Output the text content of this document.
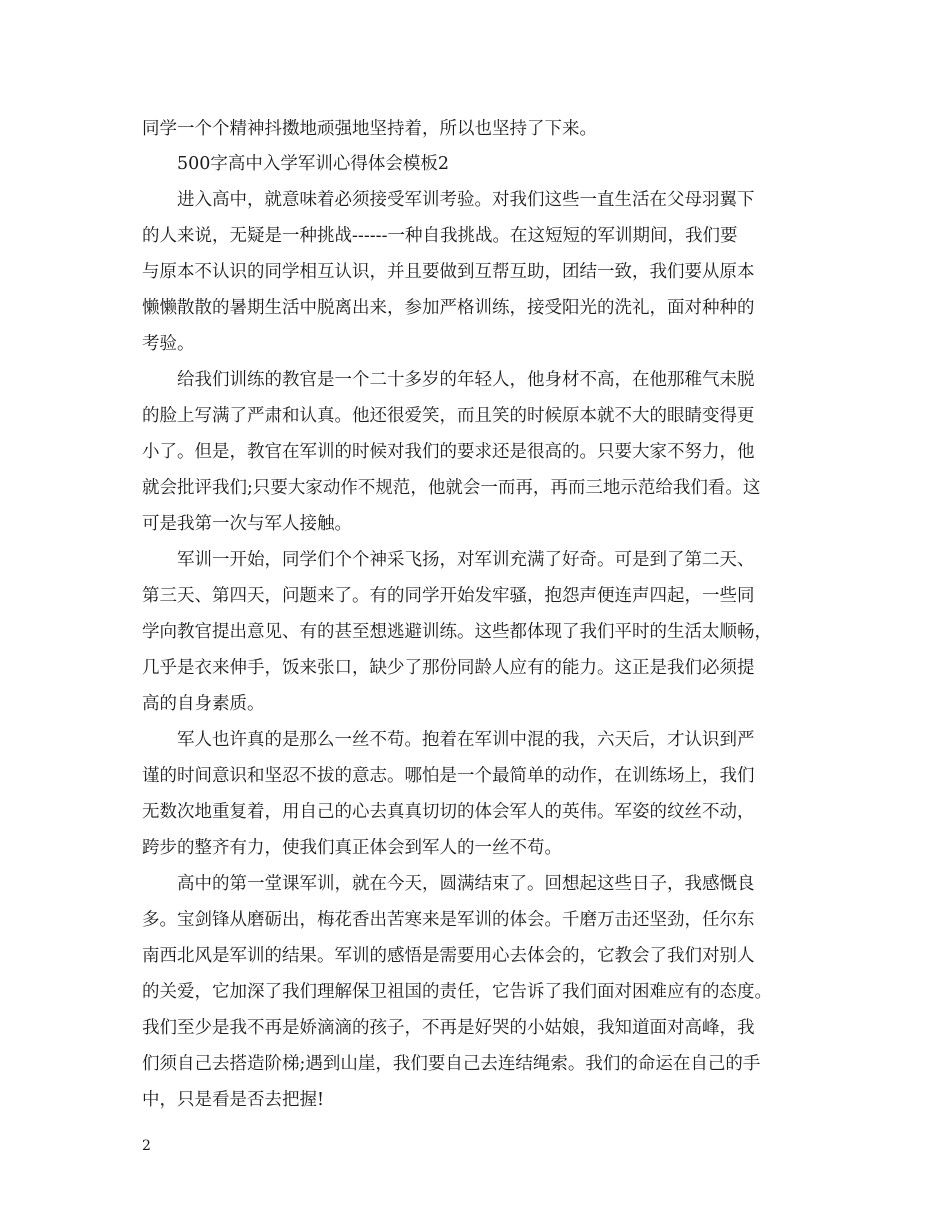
同学一个个精神抖擞地顽强地坚持着，所以也坚持了下来。
500字高中入学军训心得体会模板2
进入高中，就意味着必须接受军训考验。对我们这些一直生活在父母羽翼下
的人来说，无疑是一种挑战------一种自我挑战。在这短短的军训期间，我们要
与原本不认识的同学相互认识，并且要做到互帮互助，团结一致，我们要从原本
懒懒散散的暑期生活中脱离出来，参加严格训练，接受阳光的洗礼，面对种种的
考验。
给我们训练的教官是一个二十多岁的年轻人，他身材不高，在他那稚气未脱
的脸上写满了严肃和认真。他还很爱笑，而且笑的时候原本就不大的眼睛变得更
小了。但是，教官在军训的时候对我们的要求还是很高的。只要大家不努力，他
就会批评我们;只要大家动作不规范，他就会一而再，再而三地示范给我们看。这
可是我第一次与军人接触。
军训一开始，同学们个个神采飞扬，对军训充满了好奇。可是到了第二天、
第三天、第四天，问题来了。有的同学开始发牢骚，抱怨声便连声四起，一些同
学向教官提出意见、有的甚至想逃避训练。这些都体现了我们平时的生活太顺畅，
几乎是衣来伸手，饭来张口，缺少了那份同龄人应有的能力。这正是我们必须提
高的自身素质。
军人也许真的是那么一丝不苟。抱着在军训中混的我，六天后，才认识到严
谨的时间意识和坚忍不拔的意志。哪怕是一个最简单的动作，在训练场上，我们
无数次地重复着，用自己的心去真真切切的体会军人的英伟。军姿的纹丝不动，
跨步的整齐有力，使我们真正体会到军人的一丝不苟。
高中的第一堂课军训，就在今天，圆满结束了。回想起这些日子，我感慨良
多。宝剑锋从磨砺出，梅花香出苦寒来是军训的体会。千磨万击还坚劲，任尔东
南西北风是军训的结果。军训的感悟是需要用心去体会的，它教会了我们对别人
的关爱，它加深了我们理解保卫祖国的责任，它告诉了我们面对困难应有的态度。
我们至少是我不再是娇滴滴的孩子，不再是好哭的小姑娘，我知道面对高峰，我
们须自己去搭造阶梯;遇到山崖，我们要自己去连结绳索。我们的命运在自己的手
中，只是看是否去把握!
2
